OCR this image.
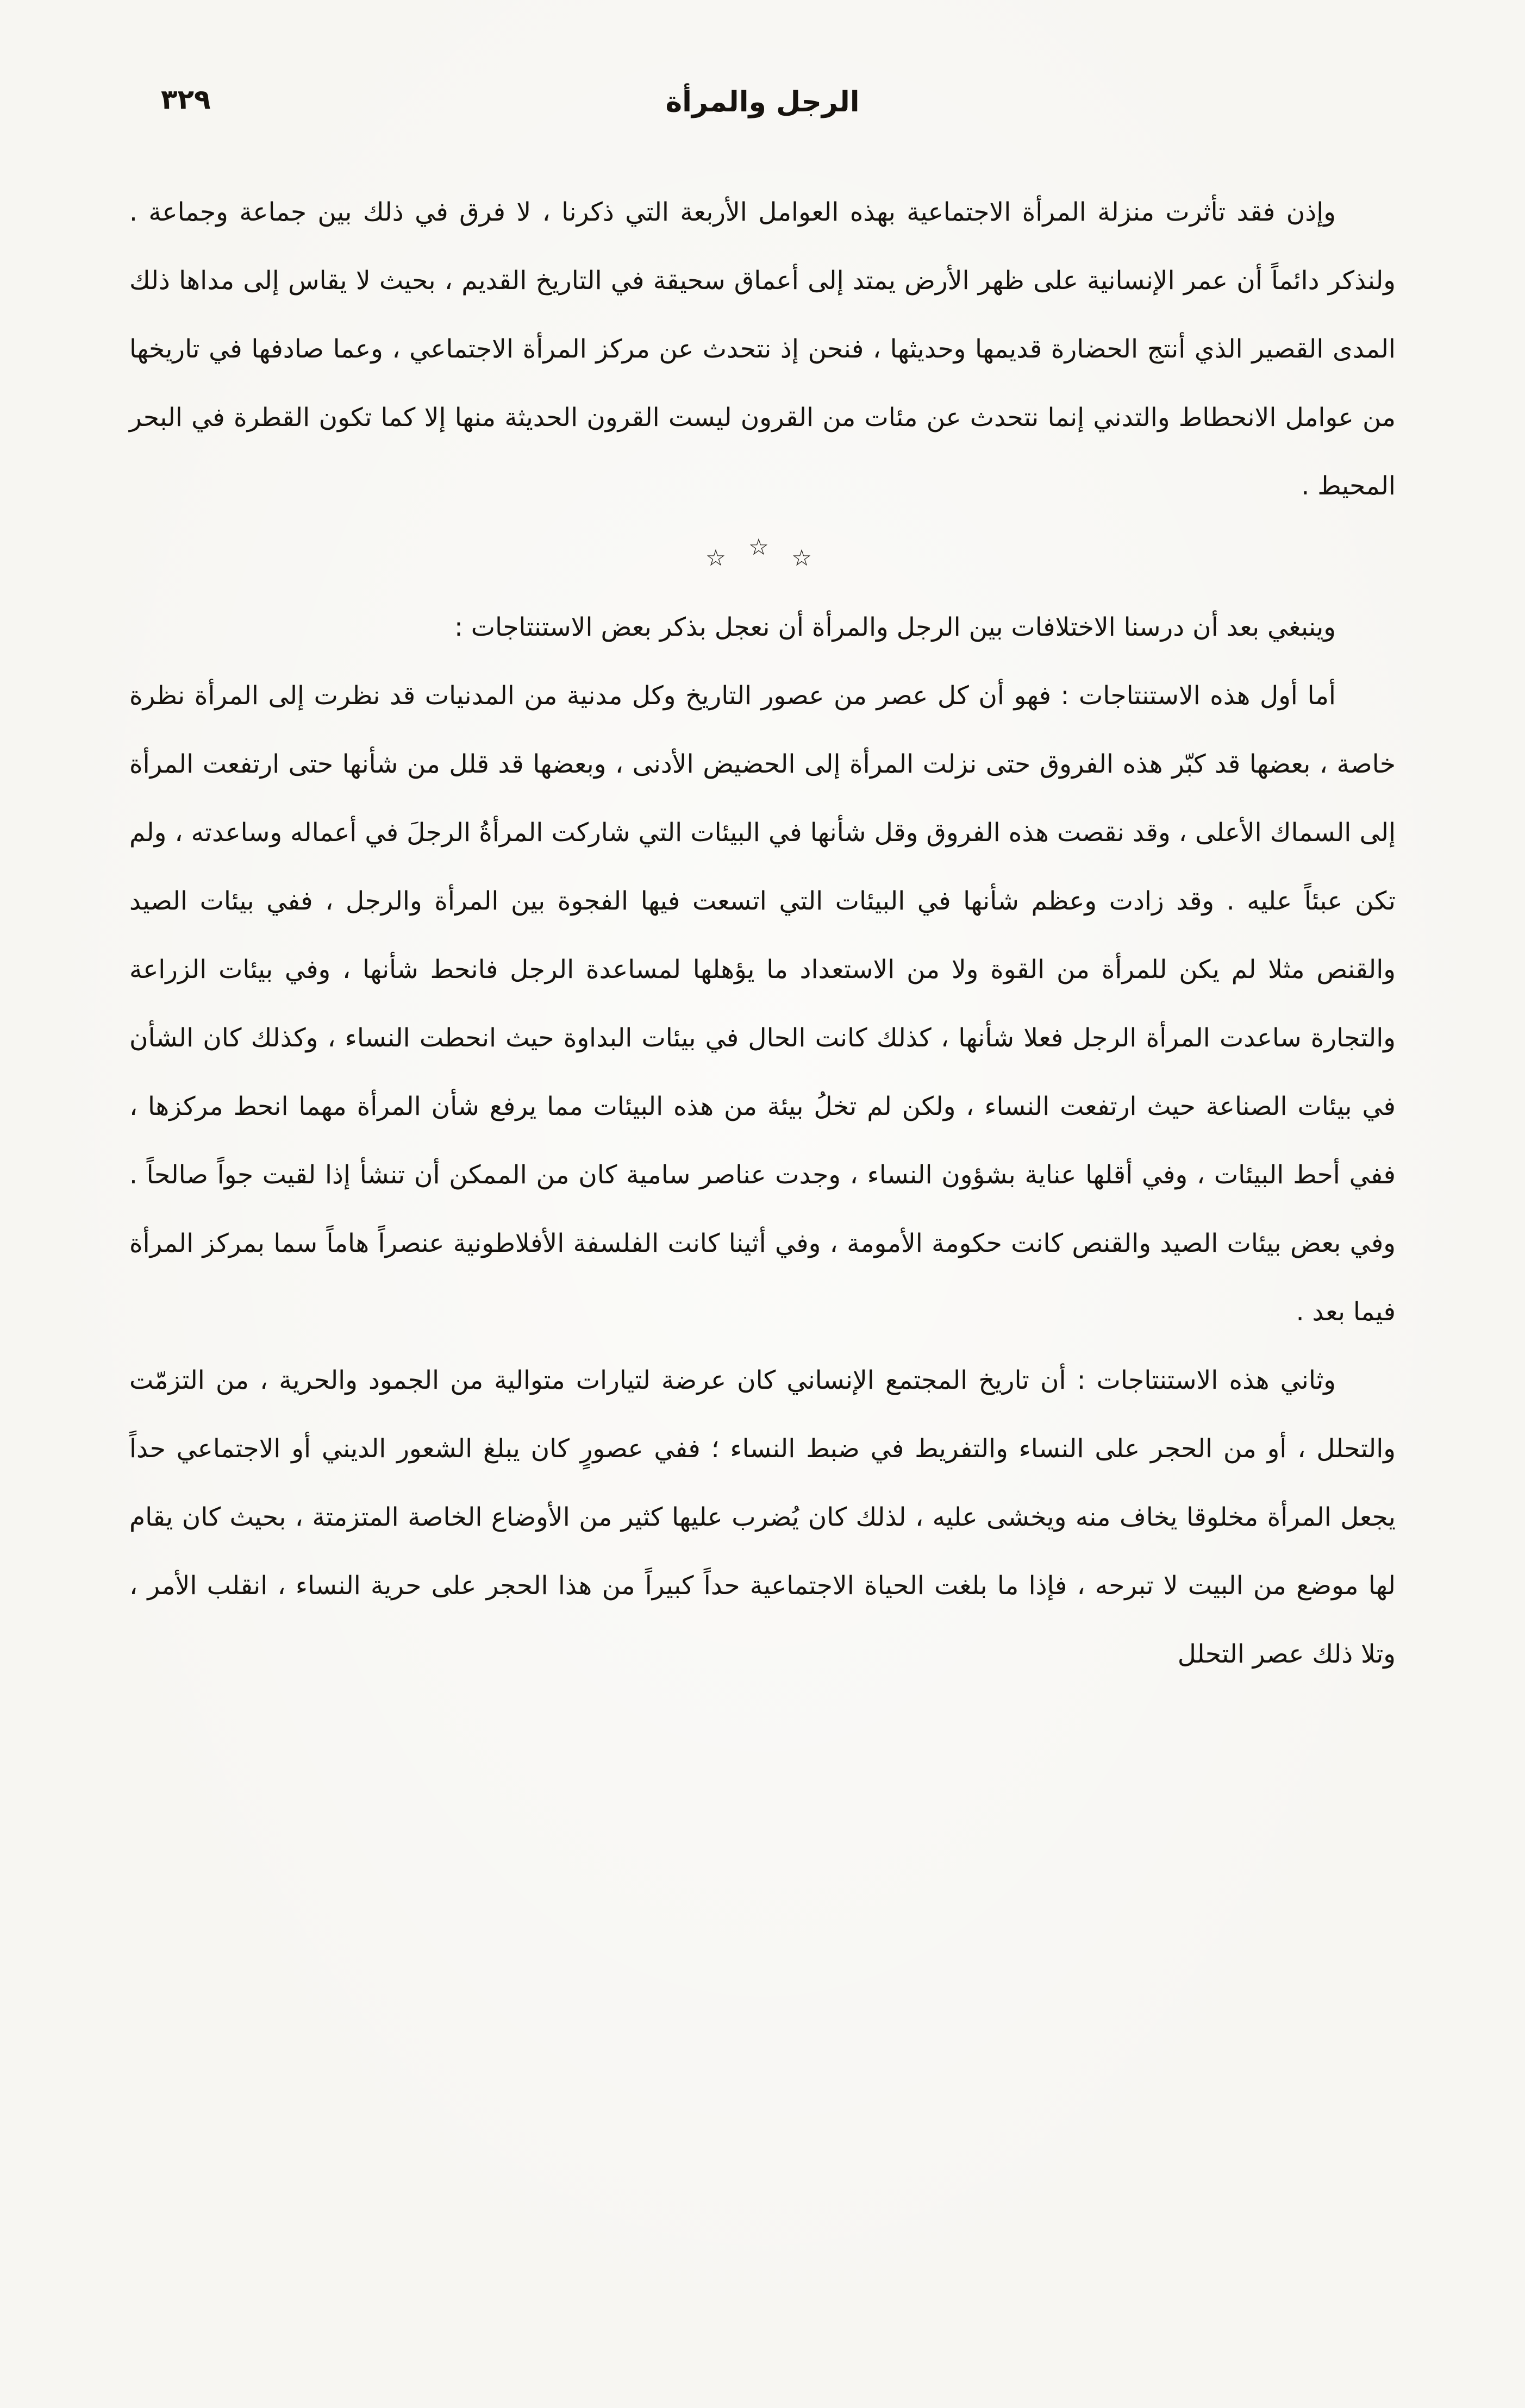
٣٢٩	الرجل والمرأة

وإذن فقد تأثرت منزلة المرأة الاجتماعية بهذه العوامل الأربعة التي ذكرنا ، لا فرق في ذلك بين جماعة وجماعة . ولنذكر دائماً أن عمر الإنسانية على ظهر الأرض يمتد إلى أعماق سحيقة في التاريخ القديم ، بحيث لا يقاس إلى مداها ذلك المدى القصير الذي أنتج الحضارة قديمها وحديثها ، فنحن إذ نتحدث عن مركز المرأة الاجتماعي ، وعما صادفها في تاريخها من عوامل الانحطاط والتدني إنما نتحدث عن مئات من القرون ليست القرون الحديثة منها إلا كما تكون القطرة في البحر المحيط .

☆ ☆ ☆

وينبغي بعد أن درسنا الاختلافات بين الرجل والمرأة أن نعجل بذكر بعض الاستنتاجات :

أما أول هذه الاستنتاجات : فهو أن كل عصر من عصور التاريخ وكل مدنية من المدنيات قد نظرت إلى المرأة نظرة خاصة ، بعضها قد كبّر هذه الفروق حتى نزلت المرأة إلى الحضيض الأدنى ، وبعضها قد قلل من شأنها حتى ارتفعت المرأة إلى السماك الأعلى ، وقد نقصت هذه الفروق وقل شأنها في البيئات التي شاركت المرأةُ الرجلَ في أعماله وساعدته ، ولم تكن عبئاً عليه . وقد زادت وعظم شأنها في البيئات التي اتسعت فيها الفجوة بين المرأة والرجل ، ففي بيئات الصيد والقنص مثلا لم يكن للمرأة من القوة ولا من الاستعداد ما يؤهلها لمساعدة الرجل فانحط شأنها ، وفي بيئات الزراعة والتجارة ساعدت المرأة الرجل فعلا شأنها ، كذلك كانت الحال في بيئات البداوة حيث انحطت النساء ، وكذلك كان الشأن في بيئات الصناعة حيث ارتفعت النساء ، ولكن لم تخلُ بيئة من هذه البيئات مما يرفع شأن المرأة مهما انحط مركزها ، ففي أحط البيئات ، وفي أقلها عناية بشؤون النساء ، وجدت عناصر سامية كان من الممكن أن تنشأ إذا لقيت جواً صالحاً . وفي بعض بيئات الصيد والقنص كانت حكومة الأمومة ، وفي أثينا كانت الفلسفة الأفلاطونية عنصراً هاماً سما بمركز المرأة فيما بعد .

وثاني هذه الاستنتاجات : أن تاريخ المجتمع الإنساني كان عرضة لتيارات متوالية من الجمود والحرية ، من التزمّت والتحلل ، أو من الحجر على النساء والتفريط في ضبط النساء ؛ ففي عصورٍ كان يبلغ الشعور الديني أو الاجتماعي حداً يجعل المرأة مخلوقا يخاف منه ويخشى عليه ، لذلك كان يُضرب عليها كثير من الأوضاع الخاصة المتزمتة ، بحيث كان يقام لها موضع من البيت لا تبرحه ، فإذا ما بلغت الحياة الاجتماعية حداً كبيراً من هذا الحجر على حرية النساء ، انقلب الأمر ، وتلا ذلك عصر التحلل
